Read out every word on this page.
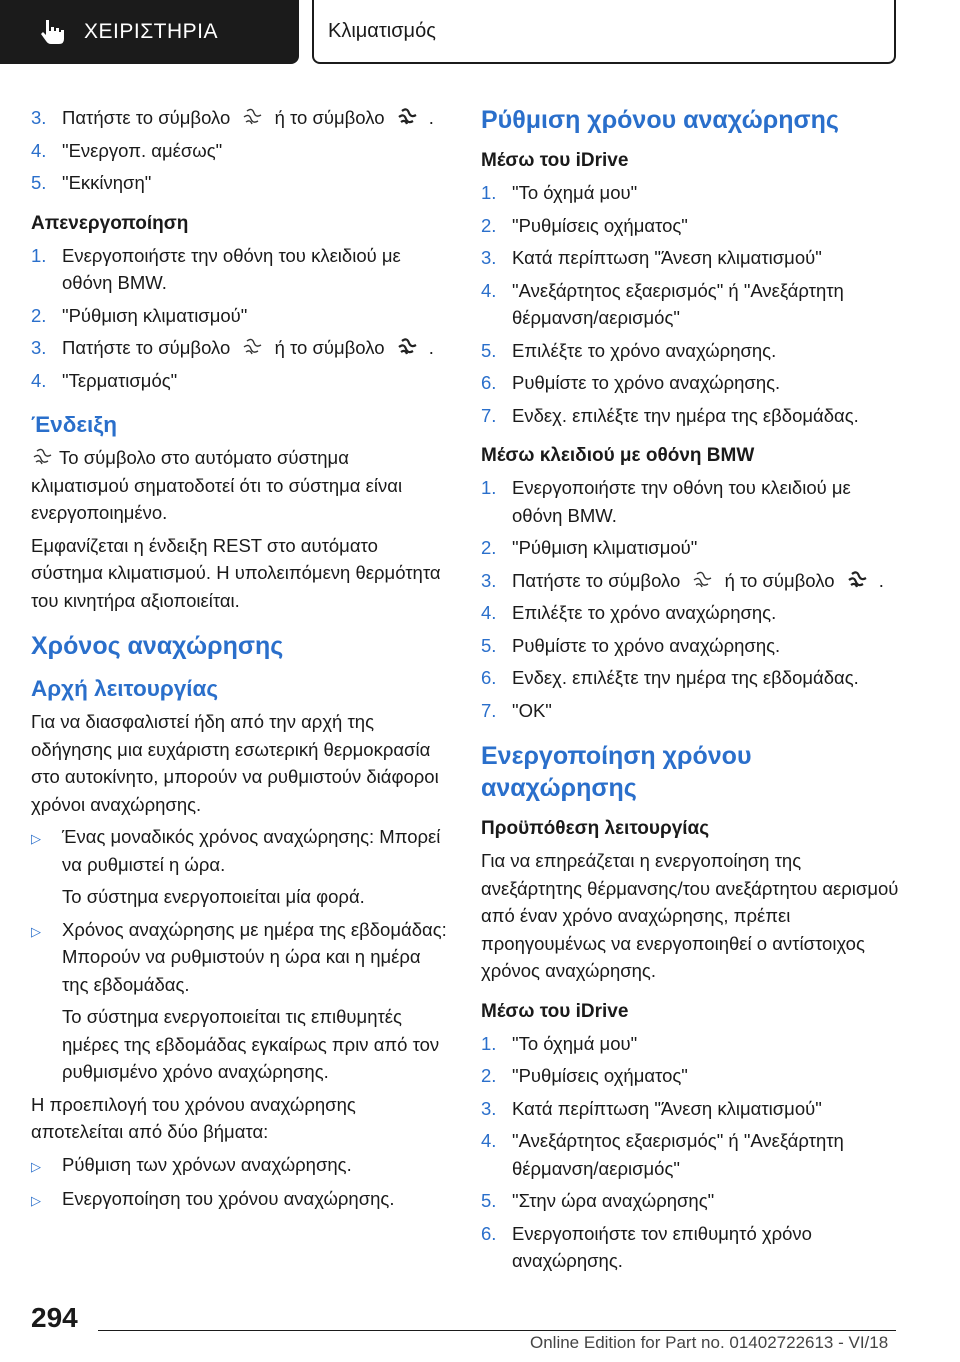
ΧΕΙΡΙΣΤΗΡΙΑ	Κλιματισμός
3. Πατήστε το σύμβολο ή το σύμβολο .
4. "Ενεργοπ. αμέσως"
5. "Εκκίνηση"
Απενεργοποίηση
1. Ενεργοποιήστε την οθόνη του κλειδιού με οθόνη BMW.
2. "Ρύθμιση κλιματισμού"
3. Πατήστε το σύμβολο ή το σύμβολο .
4. "Τερματισμός"
Ένδειξη
Το σύμβολο στο αυτόματο σύστημα κλιματισμού σηματοδοτεί ότι το σύστημα είναι ενεργοποιημένο.
Εμφανίζεται η ένδειξη REST στο αυτόματο σύστημα κλιματισμού. Η υπολειπόμενη θερμότητα του κινητήρα αξιοποιείται.
Χρόνος αναχώρησης
Αρχή λειτουργίας
Για να διασφαλιστεί ήδη από την αρχή της οδήγησης μια ευχάριστη εσωτερική θερμοκρασία στο αυτοκίνητο, μπορούν να ρυθμιστούν διάφοροι χρόνοι αναχώρησης.
▷	Ένας μοναδικός χρόνος αναχώρησης: Μπορεί να ρυθμιστεί η ώρα.
Το σύστημα ενεργοποιείται μία φορά.
▷	Χρόνος αναχώρησης με ημέρα της εβδομάδας: Μπορούν να ρυθμιστούν η ώρα και η ημέρα της εβδομάδας.
Το σύστημα ενεργοποιείται τις επιθυμητές ημέρες της εβδομάδας εγκαίρως πριν από τον ρυθμισμένο χρόνο αναχώρησης.
Η προεπιλογή του χρόνου αναχώρησης αποτελείται από δύο βήματα:
▷	Ρύθμιση των χρόνων αναχώρησης.
▷	Ενεργοποίηση του χρόνου αναχώρησης.
Ρύθμιση χρόνου αναχώρησης
Μέσω του iDrive
1. "Το όχημά μου"
2. "Ρυθμίσεις οχήματος"
3. Κατά περίπτωση "Άνεση κλιματισμού"
4. "Ανεξάρτητος εξαερισμός" ή "Ανεξάρτητη θέρμανση/αερισμός"
5. Επιλέξτε το χρόνο αναχώρησης.
6. Ρυθμίστε το χρόνο αναχώρησης.
7. Ενδεχ. επιλέξτε την ημέρα της εβδομάδας.
Μέσω κλειδιού με οθόνη BMW
1. Ενεργοποιήστε την οθόνη του κλειδιού με οθόνη BMW.
2. "Ρύθμιση κλιματισμού"
3. Πατήστε το σύμβολο ή το σύμβολο .
4. Επιλέξτε το χρόνο αναχώρησης.
5. Ρυθμίστε το χρόνο αναχώρησης.
6. Ενδεχ. επιλέξτε την ημέρα της εβδομάδας.
7. "OK"
Ενεργοποίηση χρόνου αναχώρησης
Προϋπόθεση λειτουργίας
Για να επηρεάζεται η ενεργοποίηση της ανεξάρτητης θέρμανσης/του ανεξάρτητου αερισμού από έναν χρόνο αναχώρησης, πρέπει προηγουμένως να ενεργοποιηθεί ο αντίστοιχος χρόνος αναχώρησης.
Μέσω του iDrive
1. "Το όχημά μου"
2. "Ρυθμίσεις οχήματος"
3. Κατά περίπτωση "Άνεση κλιματισμού"
4. "Ανεξάρτητος εξαερισμός" ή "Ανεξάρτητη θέρμανση/αερισμός"
5. "Στην ώρα αναχώρησης"
6. Ενεργοποιήστε τον επιθυμητό χρόνο αναχώρησης.
294
Online Edition for Part no. 01402722613 - VI/18
